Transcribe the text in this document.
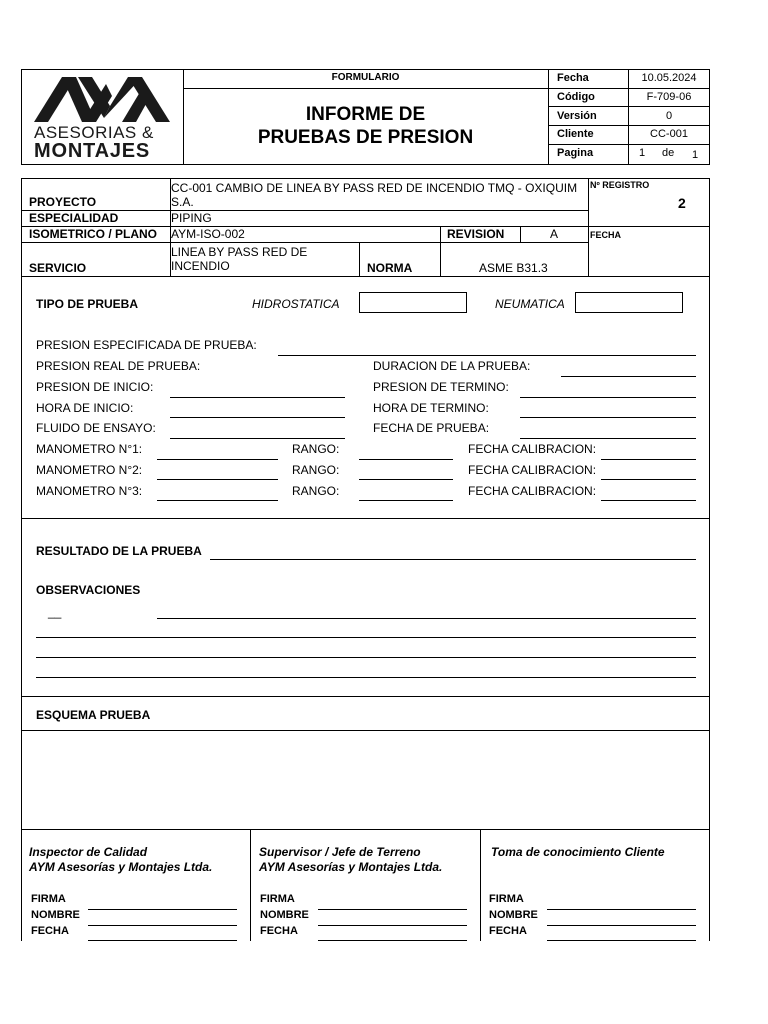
ASESORIAS &
MONTAJES
FORMULARIO
INFORME DE
PRUEBAS DE PRESION
Fecha	10.05.2024
Código	F-709-06
Versión	0
Cliente	CC-001
Pagina	1 de 1
PROYECTO
CC-001 CAMBIO DE LINEA BY PASS RED DE INCENDIO TMQ - OXIQUIM
S.A.
ESPECIALIDAD	PIPING
ISOMETRICO / PLANO AYM-ISO-002	REVISION	A
SERVICIO
LINEA BY PASS RED DE
INCENDIO	NORMA	ASME B31.3
Nº REGISTRO
2
FECHA
TIPO DE PRUEBA	HIDROSTATICA	NEUMATICA
PRESION ESPECIFICADA DE PRUEBA:
PRESION REAL DE PRUEBA:	DURACION DE LA PRUEBA:
PRESION DE INICIO:	PRESION DE TERMINO:
HORA DE INICIO:	HORA DE TERMINO:
FLUIDO DE ENSAYO:	FECHA DE PRUEBA:
MANOMETRO N°1:	RANGO:	FECHA CALIBRACION:
MANOMETRO N°2:	RANGO:	FECHA CALIBRACION:
MANOMETRO N°3:	RANGO:	FECHA CALIBRACION:
RESULTADO DE LA PRUEBA
OBSERVACIONES
__
ESQUEMA PRUEBA
Inspector de Calidad
AYM Asesorías y Montajes Ltda.
FIRMA
NOMBRE
FECHA
Supervisor / Jefe de Terreno
AYM Asesorías y Montajes Ltda.
FIRMA
NOMBRE
FECHA
Toma de conocimiento Cliente
FIRMA
NOMBRE
FECHA
